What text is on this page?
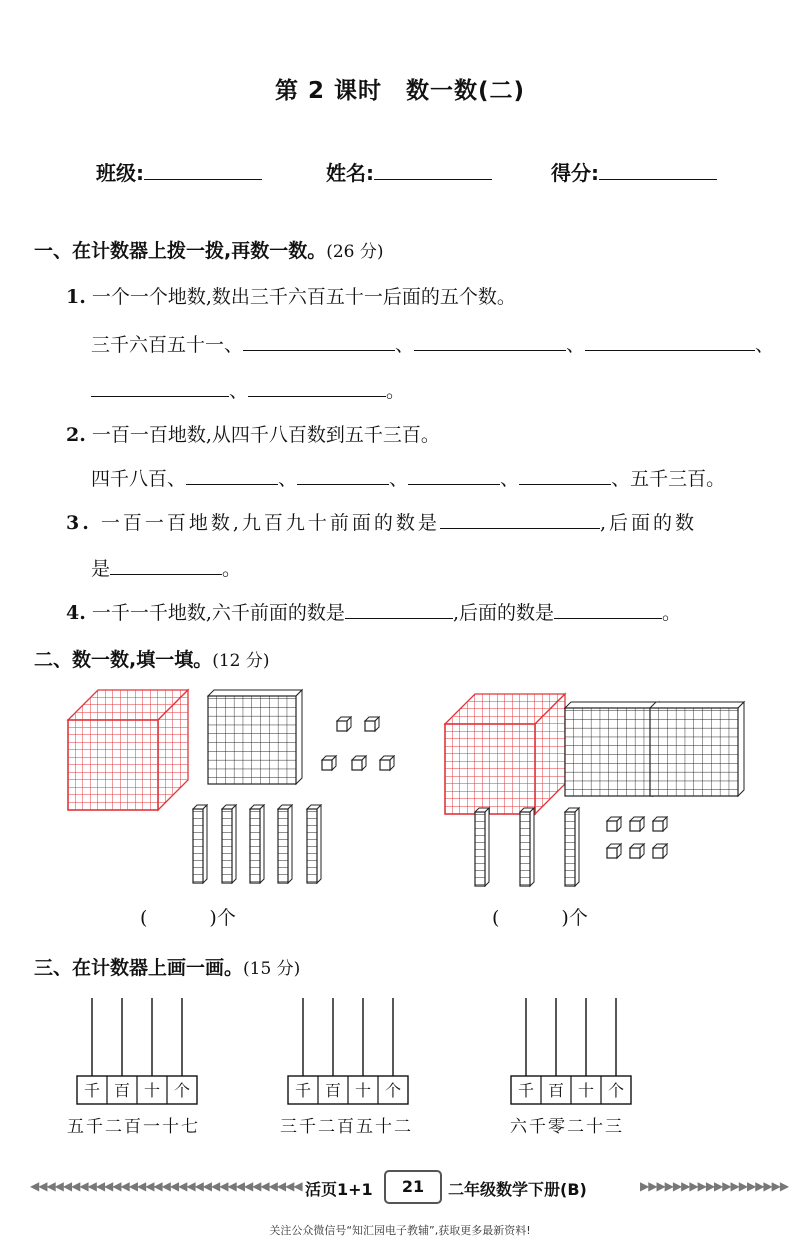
第 2 课时 数一数(二)
班级:	姓名:	得分:
一、在计数器上拨一拨,再数一数。(26 分)
1. 一个一个地数,数出三千六百五十一后面的五个数。
三千六百五十一、	、	、	、
、	。
2. 一百一百地数,从四千八百数到五千三百。
四千八百、	、	、	、	、五千三百。
3. 一百一百地数,九百九十前面的数是	,后面的数
是	。
4. 一千一千地数,六千前面的数是	,后面的数是	。
二、数一数,填一填。(12 分)
(	)个	(	)个
三、在计数器上画一画。(15 分)
千 百 十 个	千 百 十 个	千 百 十 个
五千二百一十七	三千二百五十二	六千零二十三
◀◀◀◀◀◀◀◀◀◀◀◀◀◀◀◀◀◀◀◀◀◀◀◀◀◀◀◀◀◀◀◀◀ 活页1+1	21	二年级数学下册(B)	▶▶▶▶▶▶▶▶▶▶▶▶▶▶▶▶▶▶
关注公众微信号“知汇园电子教辅”,获取更多最新资料!
